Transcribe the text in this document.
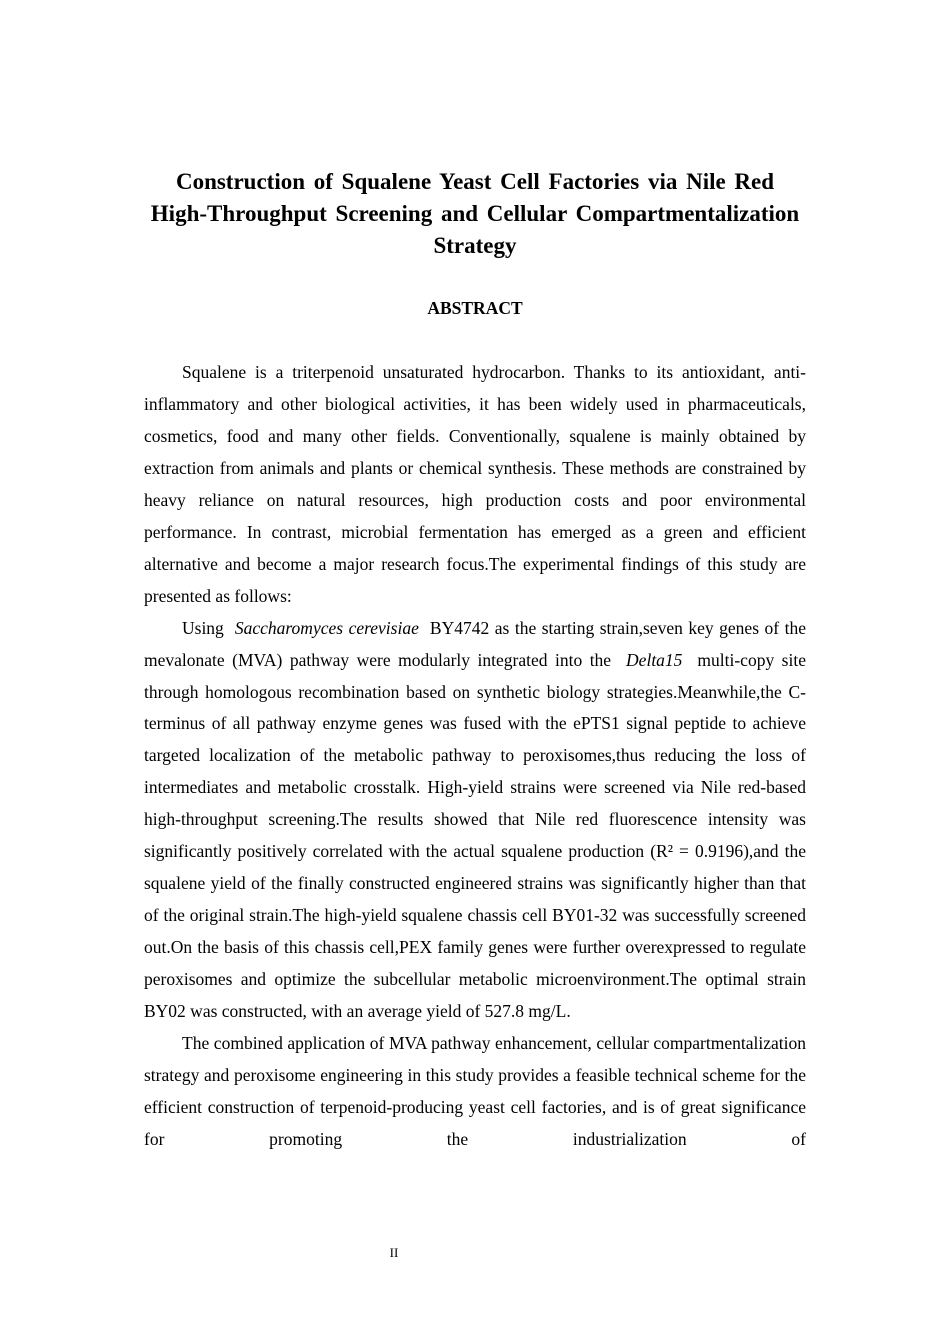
Construction of Squalene Yeast Cell Factories via Nile Red High-Throughput Screening and Cellular Compartmentalization Strategy
ABSTRACT

Squalene is a triterpenoid unsaturated hydrocarbon. Thanks to its antioxidant, anti-inflammatory and other biological activities, it has been widely used in pharmaceuticals, cosmetics, food and many other fields. Conventionally, squalene is mainly obtained by extraction from animals and plants or chemical synthesis. These methods are constrained by heavy reliance on natural resources, high production costs and poor environmental performance. In contrast, microbial fermentation has emerged as a green and efficient alternative and become a major research focus.The experimental findings of this study are presented as follows:

Using Saccharomyces cerevisiae BY4742 as the starting strain,seven key genes of the mevalonate (MVA) pathway were modularly integrated into the Delta15 multi-copy site through homologous recombination based on synthetic biology strategies.Meanwhile,the C-terminus of all pathway enzyme genes was fused with the ePTS1 signal peptide to achieve targeted localization of the metabolic pathway to peroxisomes,thus reducing the loss of intermediates and metabolic crosstalk. High-yield strains were screened via Nile red-based high-throughput screening.The results showed that Nile red fluorescence intensity was significantly positively correlated with the actual squalene production (R² = 0.9196),and the squalene yield of the finally constructed engineered strains was significantly higher than that of the original strain.The high-yield squalene chassis cell BY01-32 was successfully screened out.On the basis of this chassis cell,PEX family genes were further overexpressed to regulate peroxisomes and optimize the subcellular metabolic microenvironment.The optimal strain BY02 was constructed, with an average yield of 527.8 mg/L.

The combined application of MVA pathway enhancement, cellular compartmentalization strategy and peroxisome engineering in this study provides a feasible technical scheme for the efficient construction of terpenoid-producing yeast cell factories, and is of great significance for promoting the industrialization of

II
